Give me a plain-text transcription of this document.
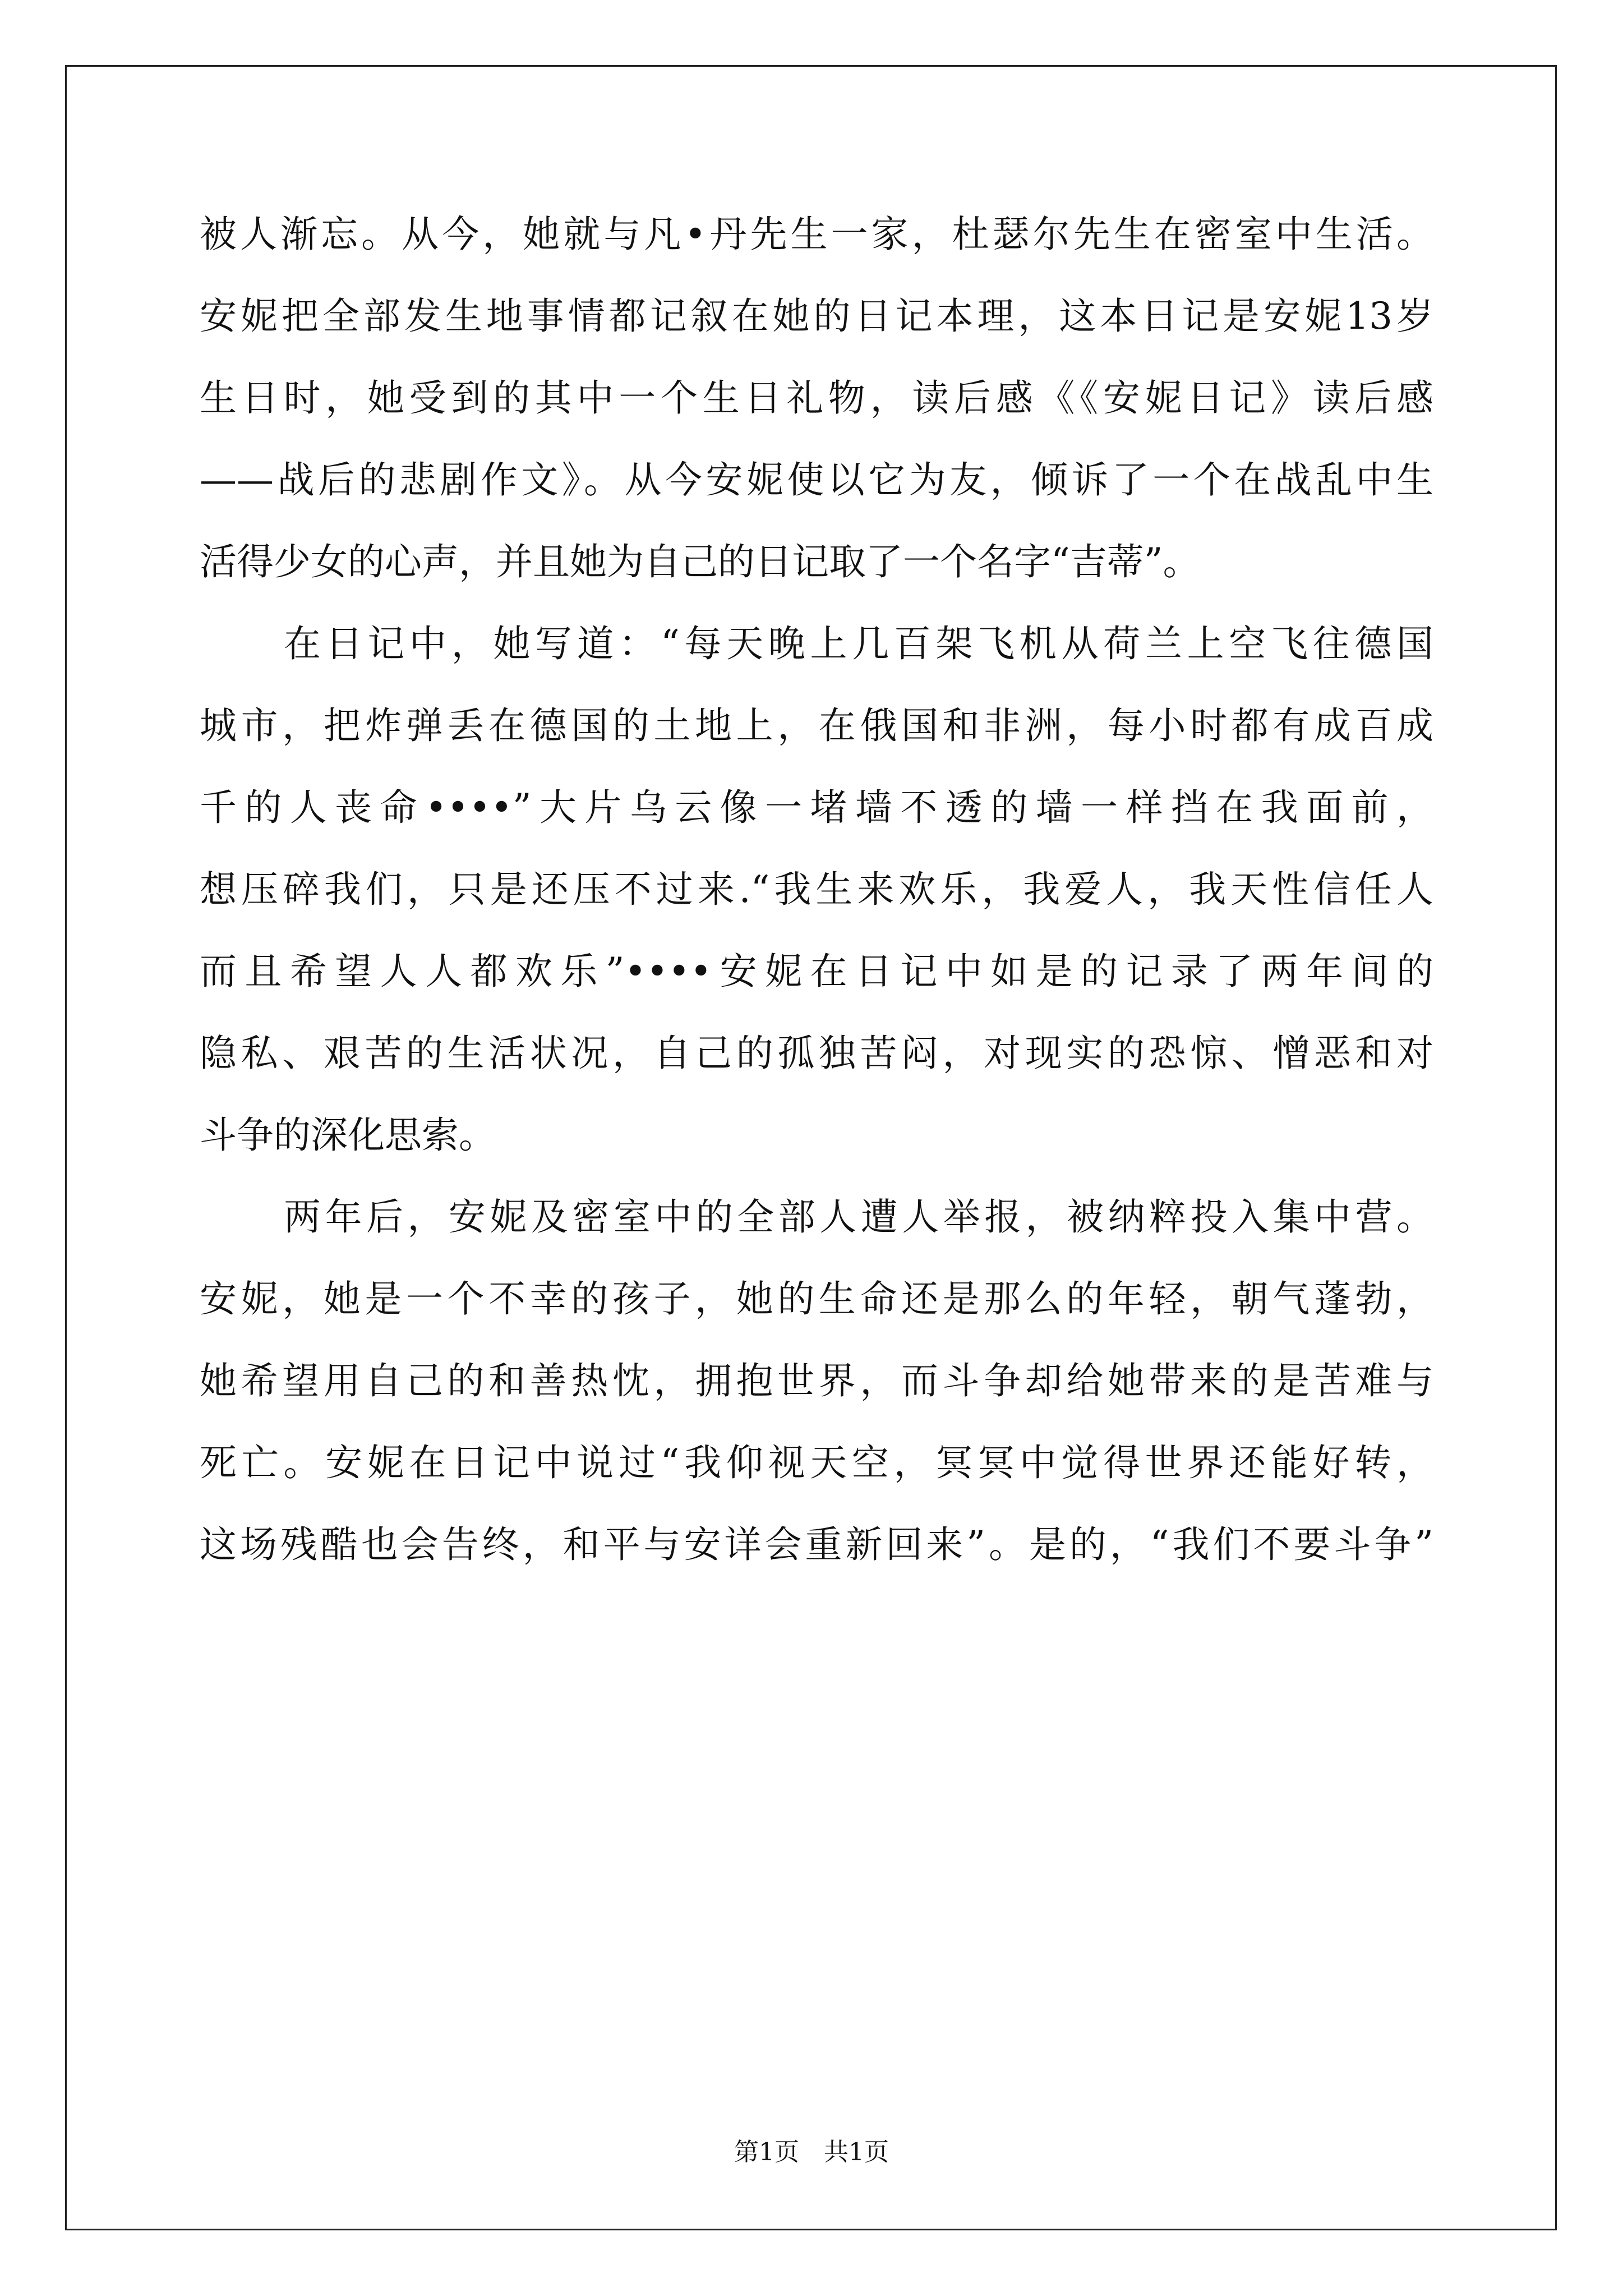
被人渐忘。从今，她就与凡•丹先生一家，杜瑟尔先生在密室中生活。
安妮把全部发生地事情都记叙在她的日记本理，这本日记是安妮13岁
生日时，她受到的其中一个生日礼物，读后感《《安妮日记》读后感
——战后的悲剧作文》。从今安妮使以它为友，倾诉了一个在战乱中生
活得少女的心声，并且她为自己的日记取了一个名字“吉蒂”。
在日记中，她写道：“每天晚上几百架飞机从荷兰上空飞往德国
城市，把炸弹丢在德国的土地上，在俄国和非洲，每小时都有成百成
千的人丧命••••”大片乌云像一堵墙不透的墙一样挡在我面前，
想压碎我们，只是还压不过来.“我生来欢乐，我爱人，我天性信任人
而且希望人人都欢乐”••••安妮在日记中如是的记录了两年间的
隐私、艰苦的生活状况，自己的孤独苦闷，对现实的恐惊、憎恶和对
斗争的深化思索。
两年后，安妮及密室中的全部人遭人举报，被纳粹投入集中营。
安妮，她是一个不幸的孩子，她的生命还是那么的年轻，朝气蓬勃，
她希望用自己的和善热忱，拥抱世界，而斗争却给她带来的是苦难与
死亡。安妮在日记中说过“我仰视天空，冥冥中觉得世界还能好转，
这场残酷也会告终，和平与安详会重新回来”。是的，“我们不要斗争”
第1页　共1页
